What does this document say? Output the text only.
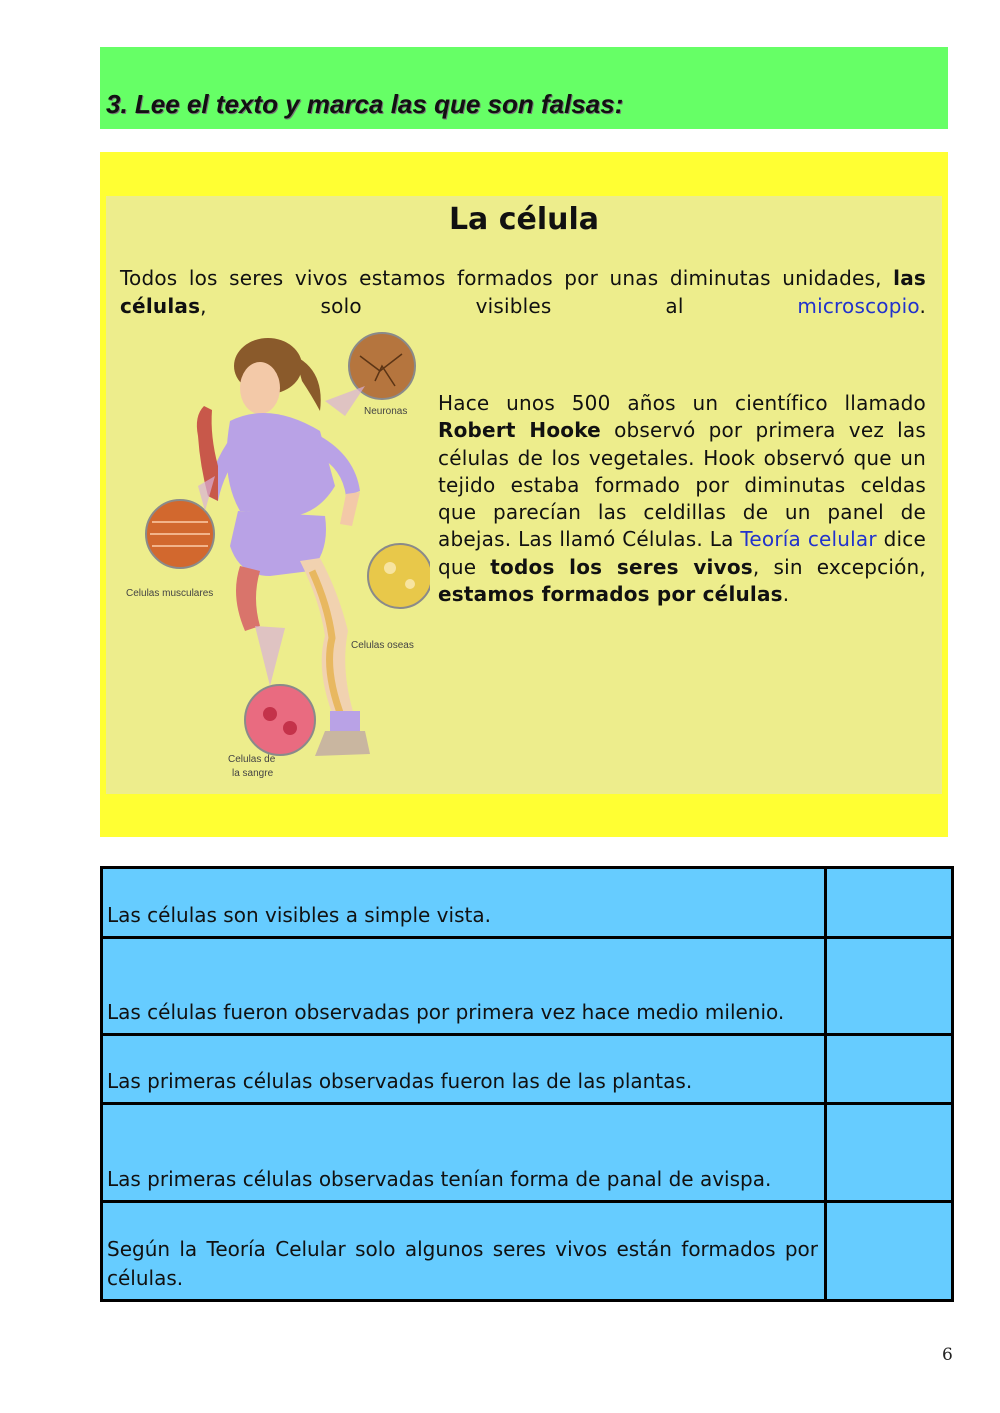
3. Lee el texto y marca las que son falsas:
La célula
Todos los seres vivos estamos formados por unas diminutas unidades, las células, solo visibles al microscopio.
Neuronas
Celulas musculares
Celulas oseas
Celulas de
la sangre
Hace unos 500 años un científico llamado Robert Hooke observó por primera vez las células de los vegetales. Hook observó que un tejido estaba formado por diminutas celdas que parecían las celdillas de un panel de abejas. Las llamó Células. La Teoría celular dice que todos los seres vivos, sin excepción, estamos formados por células.
Las células son visibles a simple vista.	
Las células fueron observadas por primera vez hace medio milenio.	
Las primeras células observadas fueron las de las plantas.	
Las primeras células observadas tenían forma de panal de avispa.	
Según la Teoría Celular solo algunos seres vivos están formados por células.	
6
